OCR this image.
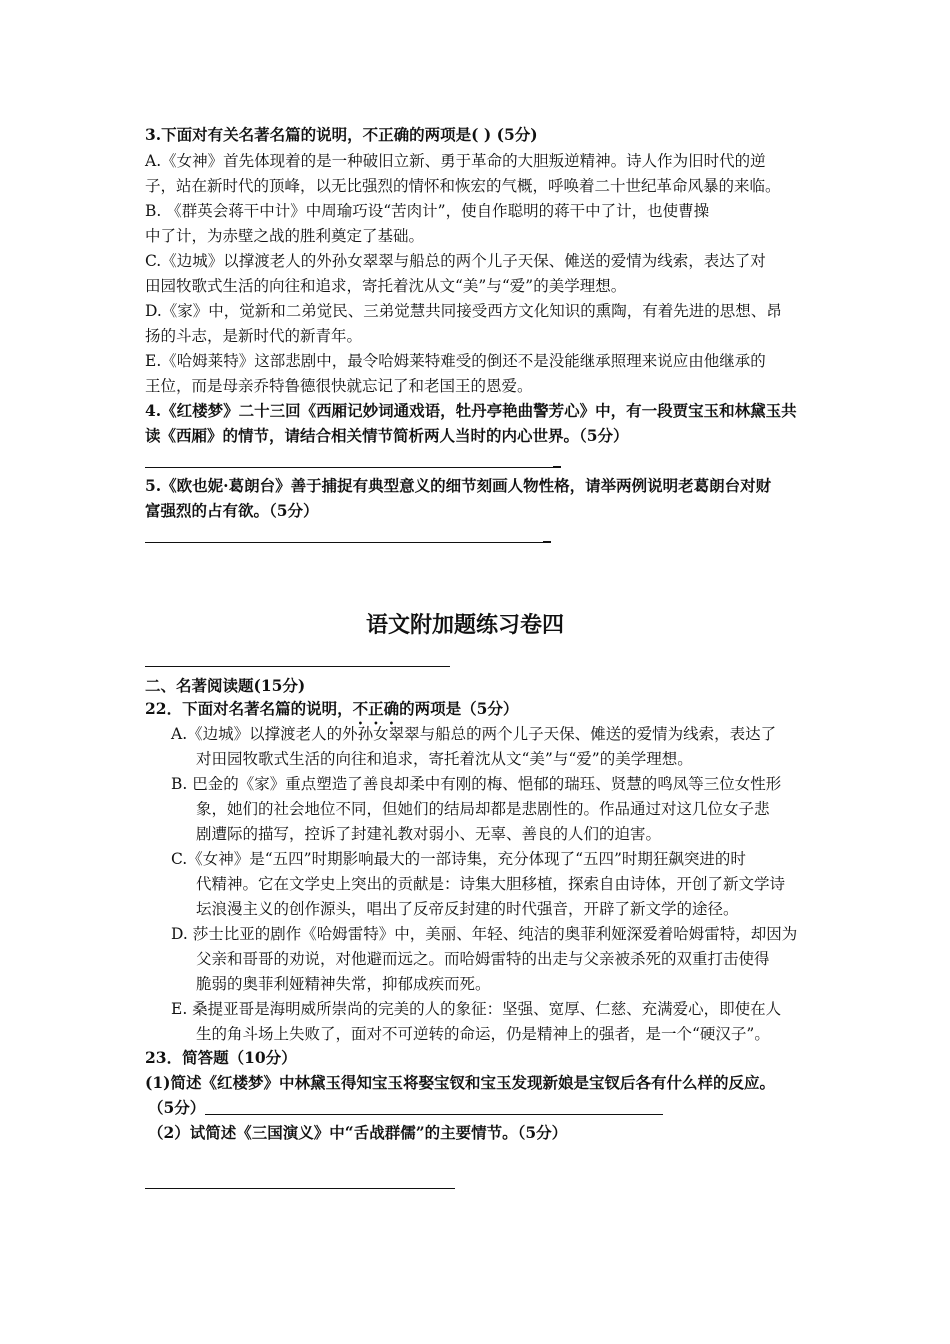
3.下面对有关名著名篇的说明，不正确的两项是( ) (5分)
A.《女神》首先体现着的是一种破旧立新、勇于革命的大胆叛逆精神。诗人作为旧时代的逆
子，站在新时代的顶峰，以无比强烈的情怀和恢宏的气概，呼唤着二十世纪革命风暴的来临。
B. 《群英会蒋干中计》中周瑜巧设“苦肉计”，使自作聪明的蒋干中了计，也使曹操
中了计，为赤壁之战的胜利奠定了基础。
C.《边城》以撑渡老人的外孙女翠翠与船总的两个儿子天保、傩送的爱情为线索，表达了对
田园牧歌式生活的向往和追求，寄托着沈从文“美”与“爱”的美学理想。
D.《家》中，觉新和二弟觉民、三弟觉慧共同接受西方文化知识的熏陶，有着先进的思想、昂
扬的斗志，是新时代的新青年。
E.《哈姆莱特》这部悲剧中，最令哈姆莱特难受的倒还不是没能继承照理来说应由他继承的
王位，而是母亲乔特鲁德很快就忘记了和老国王的恩爱。
4.《红楼梦》二十三回《西厢记妙词通戏语，牡丹亭艳曲警芳心》中，有一段贾宝玉和林黛玉共
读《西厢》的情节，请结合相关情节简析两人当时的内心世界。（5分）
5.《欧也妮·葛朗台》善于捕捉有典型意义的细节刻画人物性格，请举两例说明老葛朗台对财
富强烈的占有欲。（5分）
语文附加题练习卷四
二、名著阅读题(15分)
22．下面对名著名篇的说明，不正确的两项是（5分）
A.《边城》以撑渡老人的外孙女翠翠与船总的两个儿子天保、傩送的爱情为线索，表达了
对田园牧歌式生活的向往和追求，寄托着沈从文“美”与“爱”的美学理想。
B. 巴金的《家》重点塑造了善良却柔中有刚的梅、悒郁的瑞珏、贤慧的鸣凤等三位女性形
象，她们的社会地位不同，但她们的结局却都是悲剧性的。作品通过对这几位女子悲
剧遭际的描写，控诉了封建礼教对弱小、无辜、善良的人们的迫害。
C.《女神》是“五四”时期影响最大的一部诗集，充分体现了“五四”时期狂飙突进的时
代精神。它在文学史上突出的贡献是：诗集大胆移植，探索自由诗体，开创了新文学诗
坛浪漫主义的创作源头，唱出了反帝反封建的时代强音，开辟了新文学的途径。
D. 莎士比亚的剧作《哈姆雷特》中，美丽、年轻、纯洁的奥菲利娅深爱着哈姆雷特，却因为
父亲和哥哥的劝说，对他避而远之。而哈姆雷特的出走与父亲被杀死的双重打击使得
脆弱的奥菲利娅精神失常，抑郁成疾而死。
E. 桑提亚哥是海明威所崇尚的完美的人的象征：坚强、宽厚、仁慈、充满爱心，即使在人
生的角斗场上失败了，面对不可逆转的命运，仍是精神上的强者，是一个“硬汉子”。
23．简答题（10分）
(1)简述《红楼梦》中林黛玉得知宝玉将娶宝钗和宝玉发现新娘是宝钗后各有什么样的反应。
（5分）
（2）试简述《三国演义》中“舌战群儒”的主要情节。（5分）
